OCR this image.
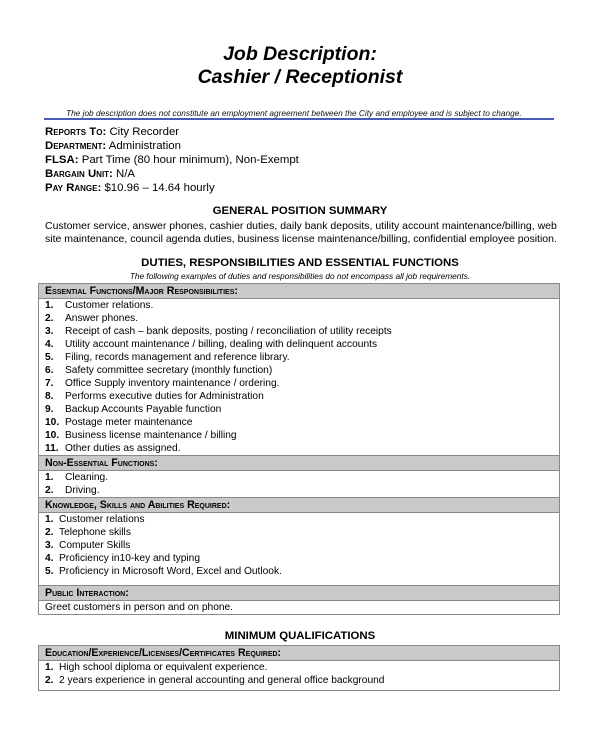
Job Description:
Cashier / Receptionist
The job description does not constitute an employment agreement between the City and employee and is subject to change.
Reports To: City Recorder
Department: Administration
FLSA: Part Time (80 hour minimum), Non-Exempt
Bargain Unit: N/A
Pay Range: $10.96 – 14.64 hourly
GENERAL POSITION SUMMARY
Customer service, answer phones, cashier duties, daily bank deposits, utility account maintenance/billing, web site maintenance, council agenda duties, business license maintenance/billing, confidential employee position.
DUTIES, RESPONSIBILITIES AND ESSENTIAL FUNCTIONS
The following examples of duties and responsibilities do not encompass all job requirements.
Essential Functions/Major Responsibilities:

1. Customer relations.
2. Answer phones.
3. Receipt of cash – bank deposits, posting / reconciliation of utility receipts
4. Utility account maintenance / billing, dealing with delinquent accounts
5. Filing, records management and reference library.
6. Safety committee secretary (monthly function)
7. Office Supply inventory maintenance / ordering.
8. Performs executive duties for Administration
9. Backup Accounts Payable function
10. Postage meter maintenance
10. Business license maintenance / billing
11. Other duties as assigned.

Non-Essential Functions:

1. Cleaning.
2. Driving.

Knowledge, Skills and Abilities Required:

1. Customer relations
2. Telephone skills
3. Computer Skills
4. Proficiency in10-key and typing
5. Proficiency in Microsoft Word, Excel and Outlook.

Public Interaction:
Greet customers in person and on phone.
MINIMUM QUALIFICATIONS
Education/Experience/Licenses/Certificates Required:

1. High school diploma or equivalent experience.
2. 2 years experience in general accounting and general office background
